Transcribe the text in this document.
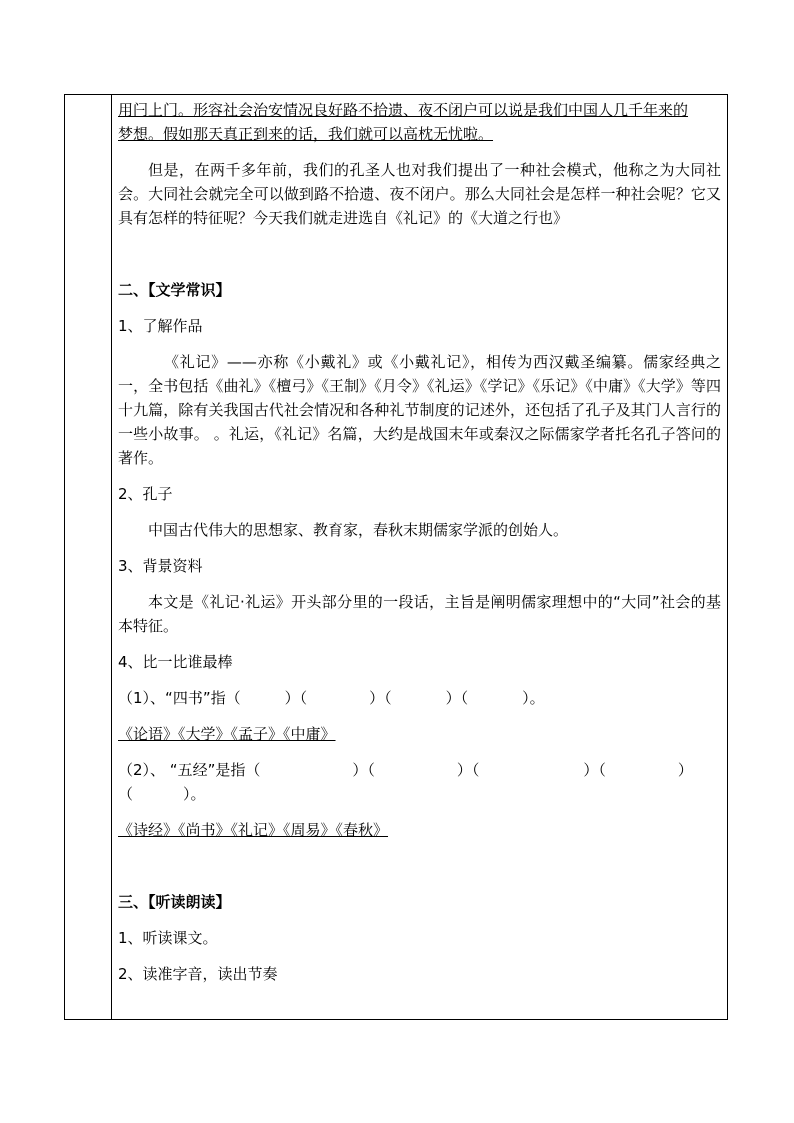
用闩上门。形容社会治安情况良好路不拾遗、夜不闭户可以说是我们中国人几千年来的

梦想。假如那天真正到来的话，我们就可以高枕无忧啦。

但是，在两千多年前，我们的孔圣人也对我们提出了一种社会模式，他称之为大同社会。大同社会就完全可以做到路不拾遗、夜不闭户。那么大同社会是怎样一种社会呢？它又具有怎样的特征呢？今天我们就走进选自《礼记》的《大道之行也》

二、【文学常识】

1、了解作品

《礼记》——亦称《小戴礼》或《小戴礼记》，相传为西汉戴圣编纂。儒家经典之一，全书包括《曲礼》《檀弓》《王制》《月令》《礼运》《学记》《乐记》《中庸》《大学》等四十九篇，除有关我国古代社会情况和各种礼节制度的记述外，还包括了孔子及其门人言行的一些小故事。 。礼运，《礼记》名篇，大约是战国末年或秦汉之际儒家学者托名孔子答问的著作。

2、孔子

中国古代伟大的思想家、教育家，春秋末期儒家学派的创始人。

3、背景资料

本文是《礼记·礼运》开头部分里的一段话，主旨是阐明儒家理想中的“大同”社会的基本特征。

4、比一比谁最棒

（1）、“四书”指（	）（	）（	）（	）。

《论语》《大学》《孟子》《中庸》

（2）、 “五经”是指（	）（	）（	）（	）
（	）。

《诗经》《尚书》《礼记》《周易》《春秋》

三、【听读朗读】

1、听读课文。

2、读准字音，读出节奏
